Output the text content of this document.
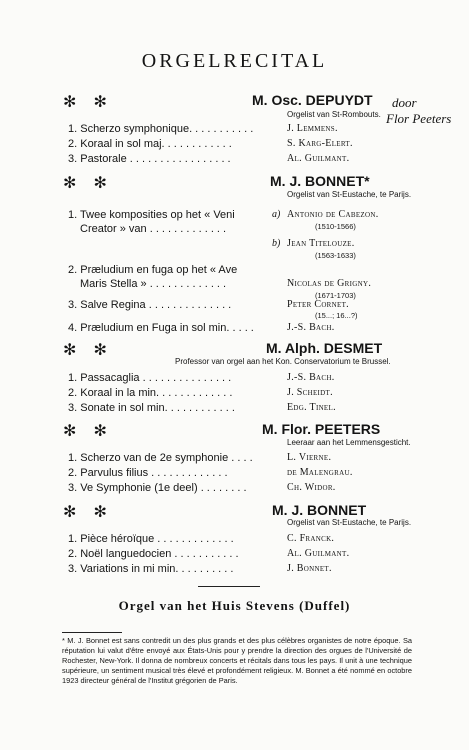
ORGELRECITAL
✻ ✻	M. Osc. DEPUYDT door
Flor Peeters
Orgelist van St-Rombouts.
1. Scherzo symphonique. . . . . . . . . . .	J. Lemmens.
2. Koraal in sol maj. . . . . . . . . . . .	S. Karg-Elert.
3. Pastorale . . . . . . . . . . . . . . . . .	Al. Guilmant.
✻ ✻	M. J. BONNET*
Orgelist van St-Eustache, te Parijs.
1. Twee komposities op het « Veni
Creator » van . . . . . . . . . . . . .
a) Antonio de Cabezon.
(1510-1566)
b) Jean Titelouze.
(1563-1633)
2. Præludium en fuga op het « Ave
Maris Stella » . . . . . . . . . . . . .	Nicolas de Grigny.
(1671-1703)
3. Salve Regina . . . . . . . . . . . . . .	Peter Cornet.
(15...; 16...?)
4. Præludium en Fuga in sol min. . . . .	J.-S. Bach.
✻ ✻	M. Alph. DESMET
Professor van orgel aan het Kon. Conservatorium te Brussel.
1. Passacaglia . . . . . . . . . . . . . . .	J.-S. Bach.
2. Koraal in la min. . . . . . . . . . . . .	J. Scheidt.
3. Sonate in sol min. . . . . . . . . . . .	Edg. Tinel.
✻ ✻	M. Flor. PEETERS
Leeraar aan het Lemmensgesticht.
1. Scherzo van de 2e symphonie . . . .	L. Vierne.
2. Parvulus filius . . . . . . . . . . . . .	de Malengrau.
3. Ve Symphonie (1e deel) . . . . . . . .	Ch. Widor.
✻ ✻	M. J. BONNET
Orgelist van St-Eustache, te Parijs.
1. Pièce héroïque . . . . . . . . . . . . .	C. Franck.
2. Noël languedocien . . . . . . . . . . .	Al. Guilmant.
3. Variations in mi min. . . . . . . . . .	J. Bonnet.
Orgel van het Huis Stevens (Duffel)
* M. J. Bonnet est sans contredit un des plus grands et des plus célèbres organistes de notre époque. Sa réputation lui valut d'être envoyé aux États-Unis pour y prendre la direction des orgues de l'Université de Rochester, New-York. Il donna de nombreux concerts et récitals dans tous les pays. Il unit à une technique supérieure, un sentiment musical très élevé et profondément religieux. M. Bonnet a été nommé en octobre 1923 directeur général de l'Institut grégorien de Paris.
